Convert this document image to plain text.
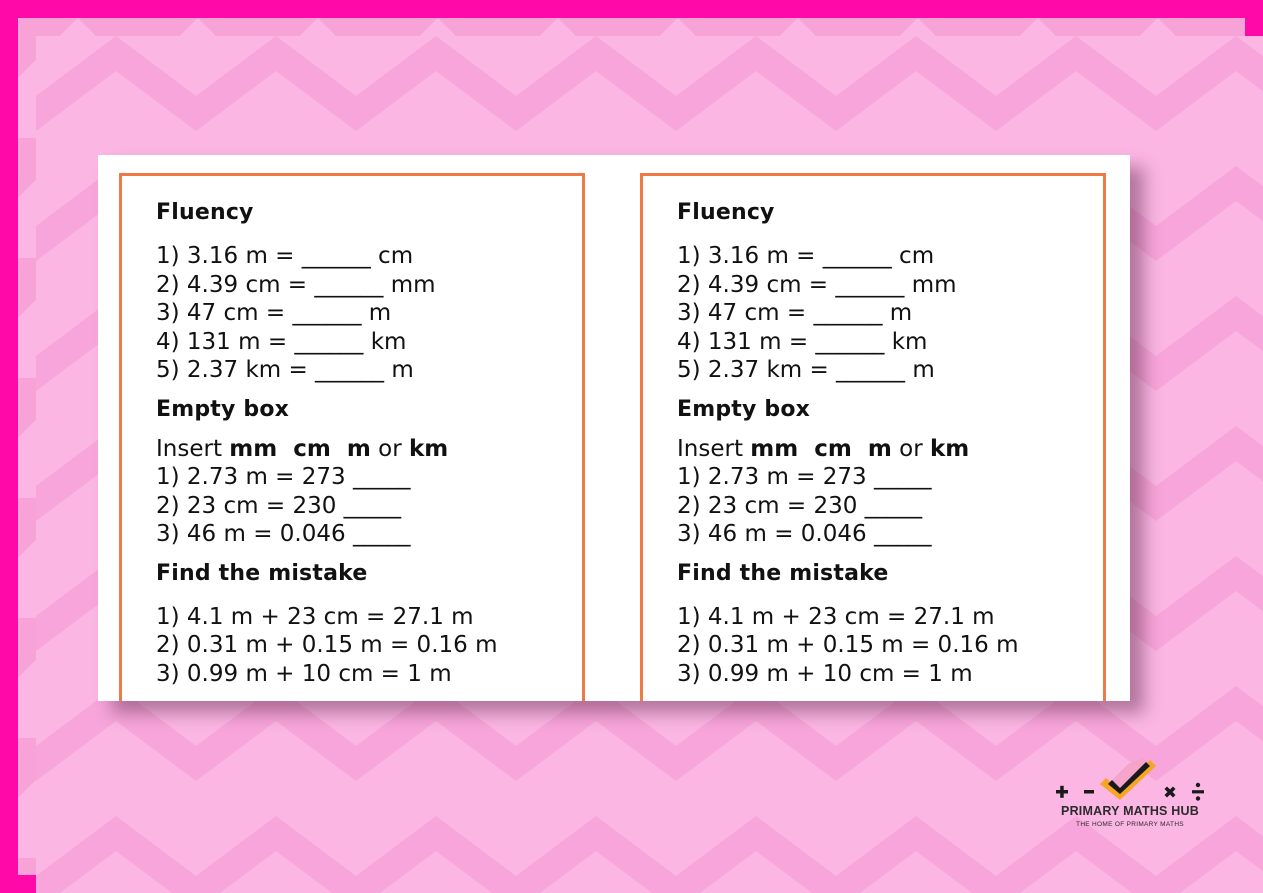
Fluency
1) 3.16 m = ______ cm
2) 4.39 cm = ______ mm
3) 47 cm = ______ m
4) 131 m = ______ km
5) 2.37 km = ______ m
Empty box
Insert mm  cm  m or km
1) 2.73 m = 273 _____
2) 23 cm = 230 _____
3) 46 m = 0.046 _____
Find the mistake
1) 4.1 m + 23 cm = 27.1 m
2) 0.31 m + 0.15 m = 0.16 m
3) 0.99 m + 10 cm = 1 m
Fluency
1) 3.16 m = ______ cm
2) 4.39 cm = ______ mm
3) 47 cm = ______ m
4) 131 m = ______ km
5) 2.37 km = ______ m
Empty box
Insert mm  cm  m or km
1) 2.73 m = 273 _____
2) 23 cm = 230 _____
3) 46 m = 0.046 _____
Find the mistake
1) 4.1 m + 23 cm = 27.1 m
2) 0.31 m + 0.15 m = 0.16 m
3) 0.99 m + 10 cm = 1 m
PRIMARY MATHS HUB
THE HOME OF PRIMARY MATHS
